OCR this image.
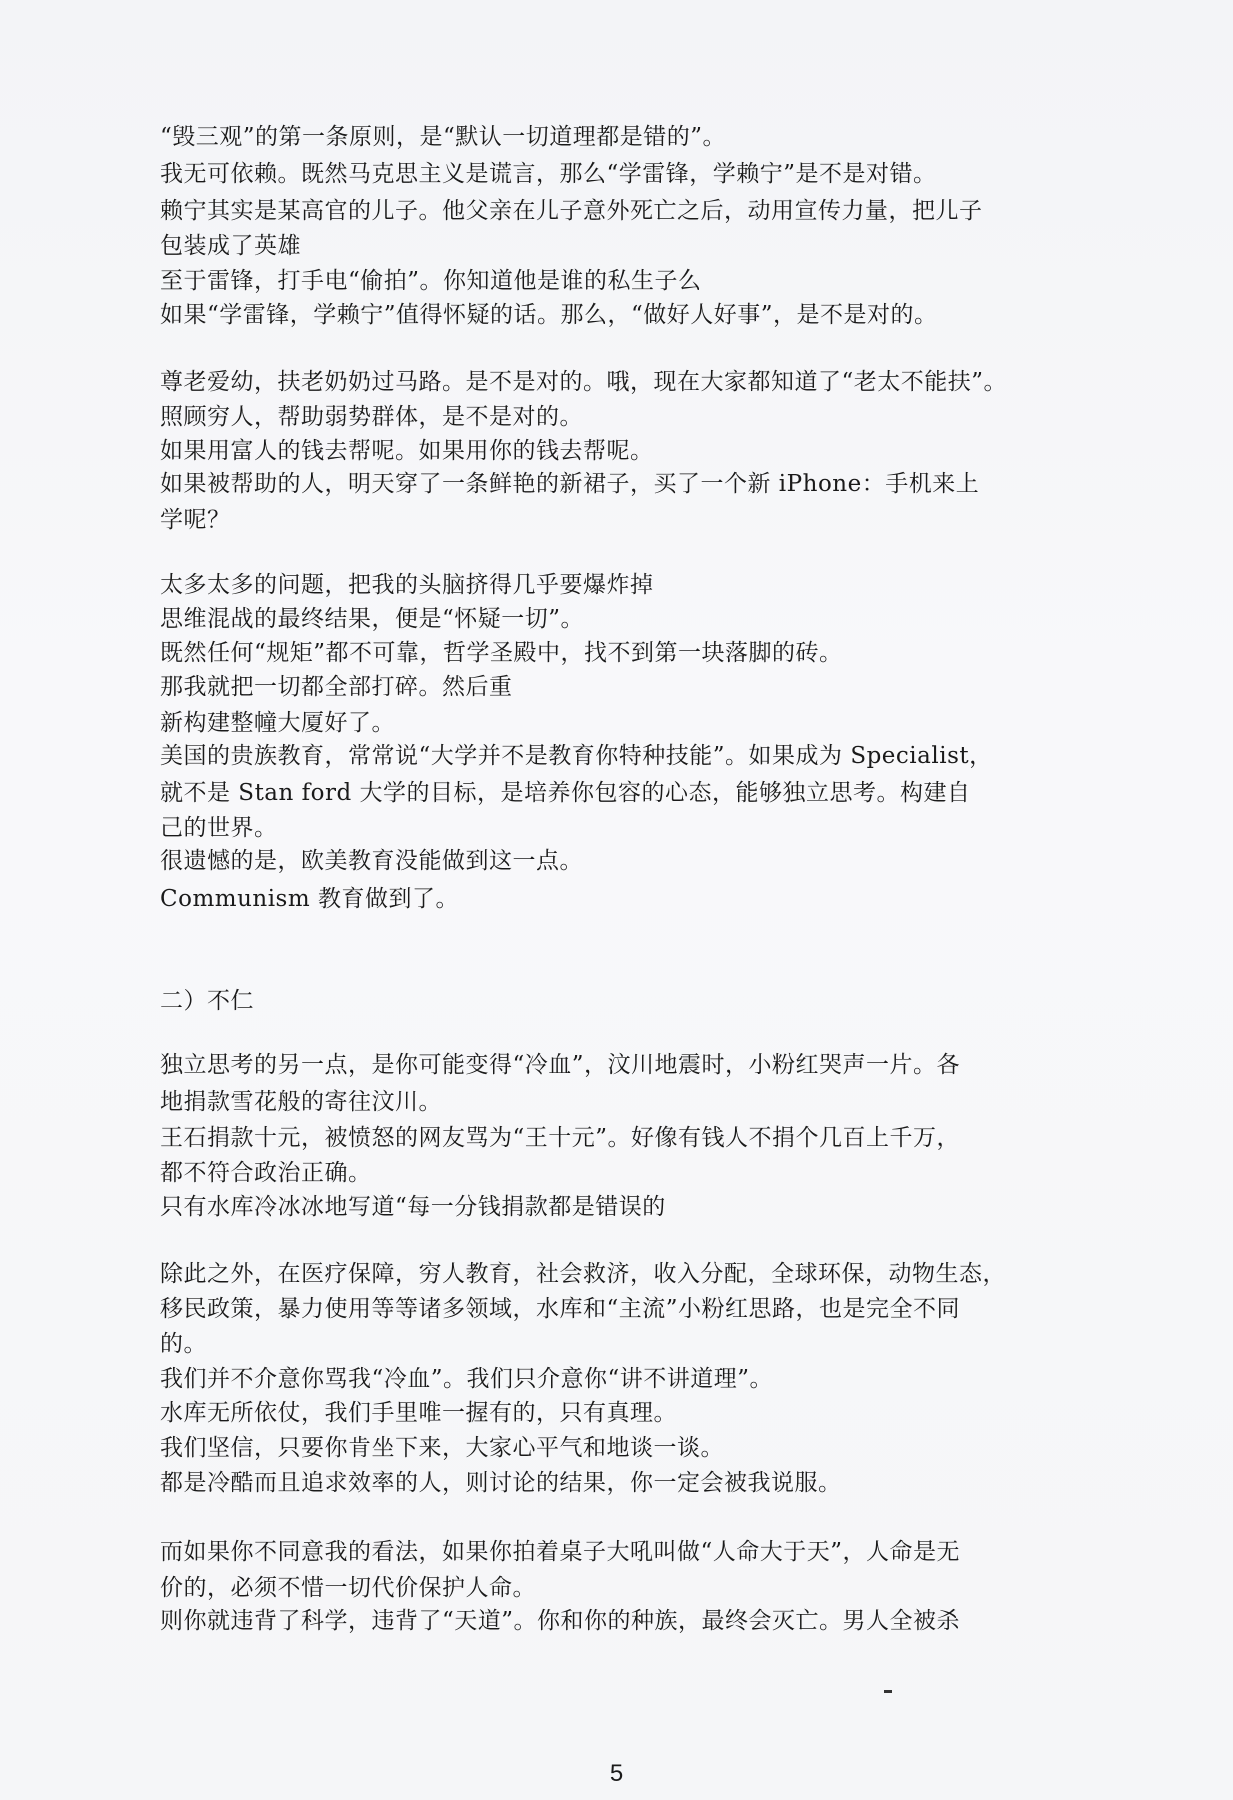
“毁三观”的第一条原则，是“默认一切道理都是错的”。
我无可依赖。既然马克思主义是谎言，那么“学雷锋，学赖宁”是不是对错。
赖宁其实是某高官的儿子。他父亲在儿子意外死亡之后，动用宣传力量，把儿子
包装成了英雄
至于雷锋，打手电“偷拍”。你知道他是谁的私生子么
如果“学雷锋，学赖宁”值得怀疑的话。那么，“做好人好事”，是不是对的。
尊老爱幼，扶老奶奶过马路。是不是对的。哦，现在大家都知道了“老太不能扶”。
照顾穷人，帮助弱势群体，是不是对的。
如果用富人的钱去帮呢。如果用你的钱去帮呢。
如果被帮助的人，明天穿了一条鲜艳的新裙子，买了一个新 iPhone：手机来上
学呢？
太多太多的问题，把我的头脑挤得几乎要爆炸掉
思维混战的最终结果，便是“怀疑一切”。
既然任何“规矩”都不可靠，哲学圣殿中，找不到第一块落脚的砖。
那我就把一切都全部打碎。然后重
新构建整幢大厦好了。
美国的贵族教育，常常说“大学并不是教育你特种技能”。如果成为 Specialist，
就不是 Stan ford 大学的目标，是培养你包容的心态，能够独立思考。构建自
己的世界。
很遗憾的是，欧美教育没能做到这一点。
Communism 教育做到了。
二）不仁
独立思考的另一点，是你可能变得“冷血”，汶川地震时，小粉红哭声一片。各
地捐款雪花般的寄往汶川。
王石捐款十元，被愤怒的网友骂为“王十元”。好像有钱人不捐个几百上千万，
都不符合政治正确。
只有水库冷冰冰地写道“每一分钱捐款都是错误的
除此之外，在医疗保障，穷人教育，社会救济，收入分配，全球环保，动物生态，
移民政策，暴力使用等等诸多领域，水库和“主流”小粉红思路，也是完全不同
的。
我们并不介意你骂我“冷血”。我们只介意你“讲不讲道理”。
水库无所依仗，我们手里唯一握有的，只有真理。
我们坚信，只要你肯坐下来，大家心平气和地谈一谈。
都是冷酷而且追求效率的人，则讨论的结果，你一定会被我说服。
而如果你不同意我的看法，如果你拍着桌子大吼叫做“人命大于天”，人命是无
价的，必须不惜一切代价保护人命。
则你就违背了科学，违背了“天道”。你和你的种族，最终会灭亡。男人全被杀
5
